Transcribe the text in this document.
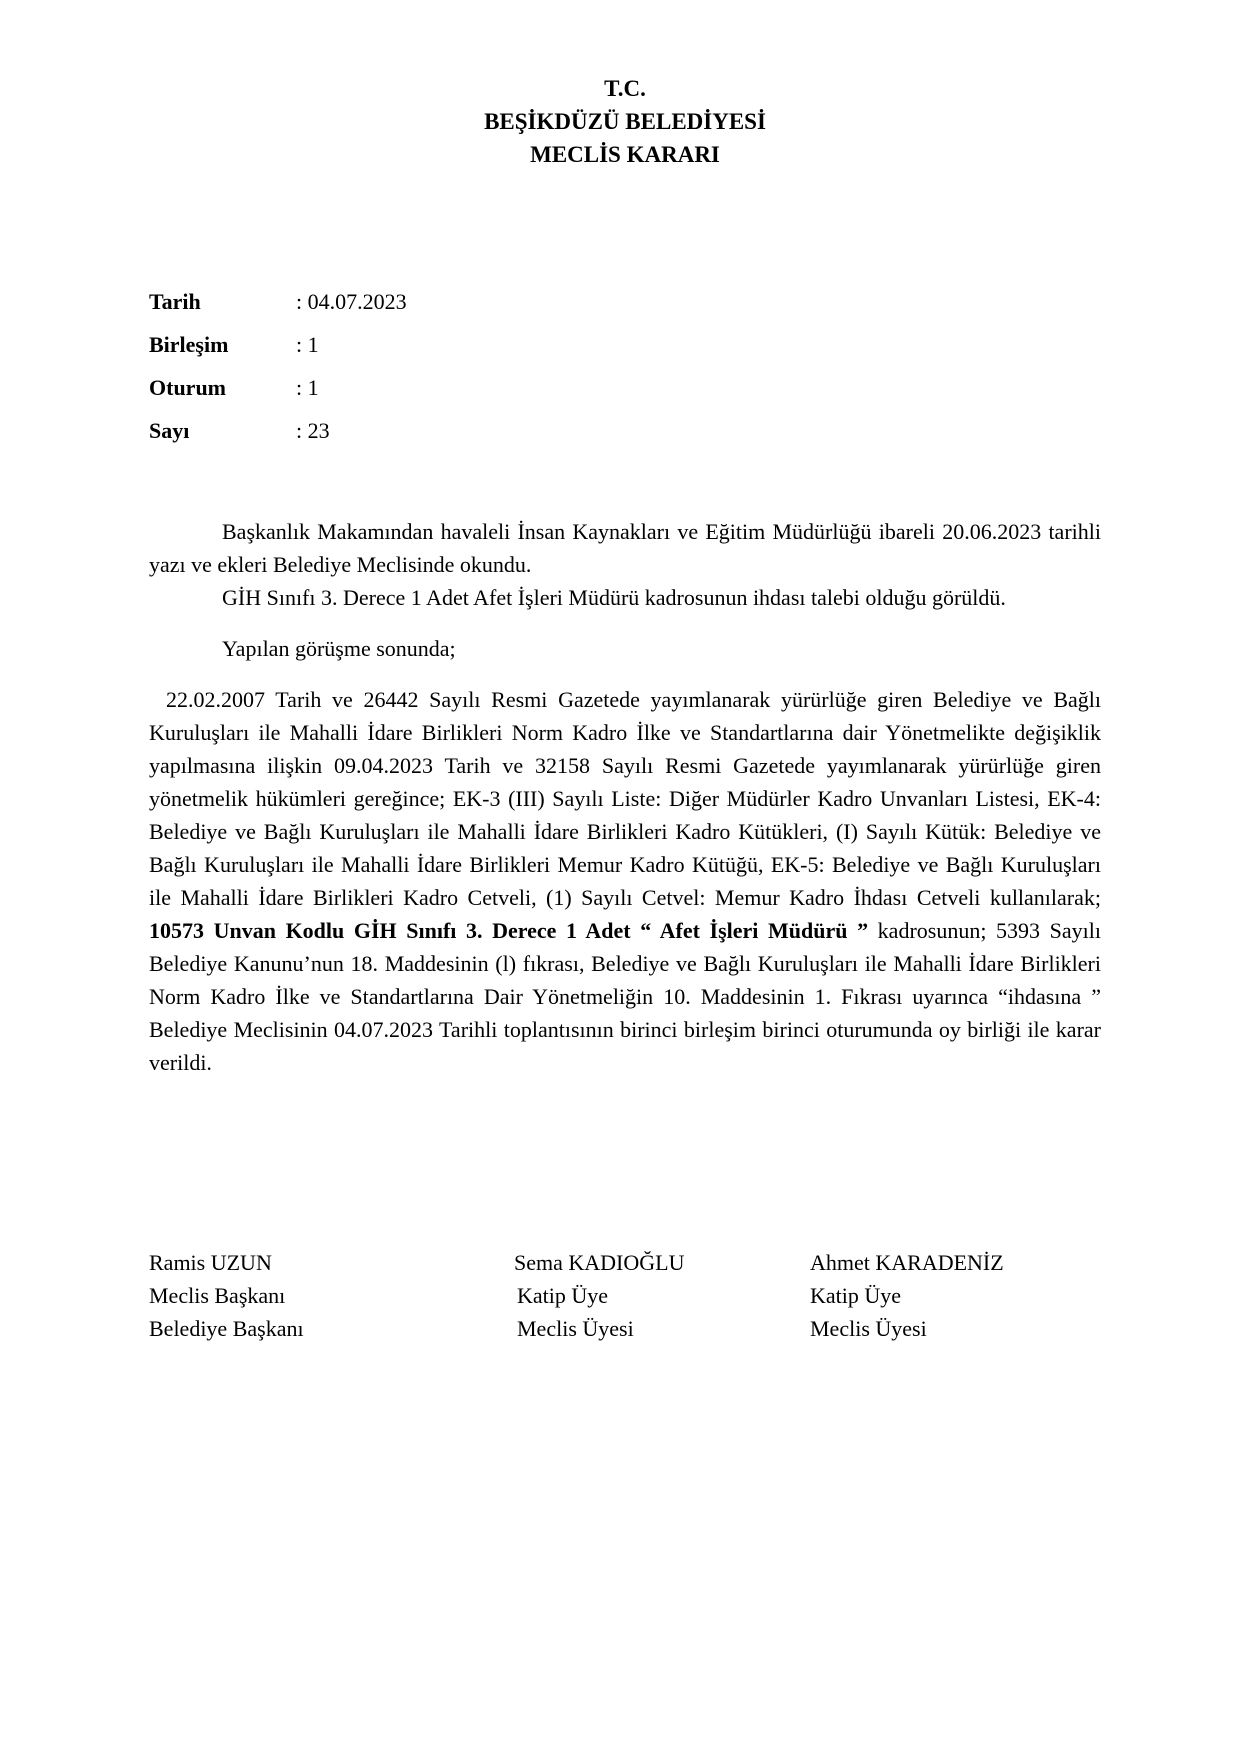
T.C.
BEŞİKDÜZÜ BELEDİYESİ
MECLİS KARARI
Tarih	: 04.07.2023
Birleşim	: 1
Oturum	: 1
Sayı	: 23

Başkanlık Makamından havaleli İnsan Kaynakları ve Eğitim Müdürlüğü ibareli 20.06.2023 tarihli yazı ve ekleri Belediye Meclisinde okundu.

GİH Sınıfı 3. Derece 1 Adet Afet İşleri Müdürü kadrosunun ihdası talebi olduğu görüldü.

Yapılan görüşme sonunda;

22.02.2007 Tarih ve 26442 Sayılı Resmi Gazetede yayımlanarak yürürlüğe giren Belediye ve Bağlı Kuruluşları ile Mahalli İdare Birlikleri Norm Kadro İlke ve Standartlarına dair Yönetmelikte değişiklik yapılmasına ilişkin 09.04.2023 Tarih ve 32158 Sayılı Resmi Gazetede yayımlanarak yürürlüğe giren yönetmelik hükümleri gereğince; EK-3 (III) Sayılı Liste: Diğer Müdürler Kadro Unvanları Listesi, EK-4: Belediye ve Bağlı Kuruluşları ile Mahalli İdare Birlikleri Kadro Kütükleri, (I) Sayılı Kütük: Belediye ve Bağlı Kuruluşları ile Mahalli İdare Birlikleri Memur Kadro Kütüğü, EK-5: Belediye ve Bağlı Kuruluşları ile Mahalli İdare Birlikleri Kadro Cetveli, (1) Sayılı Cetvel: Memur Kadro İhdası Cetveli kullanılarak; 10573 Unvan Kodlu GİH Sınıfı 3. Derece 1 Adet “ Afet İşleri Müdürü ” kadrosunun; 5393 Sayılı Belediye Kanunu’nun 18. Maddesinin (l) fıkrası, Belediye ve Bağlı Kuruluşları ile Mahalli İdare Birlikleri Norm Kadro İlke ve Standartlarına Dair Yönetmeliğin 10. Maddesinin 1. Fıkrası uyarınca “ihdasına ” Belediye Meclisinin 04.07.2023 Tarihli toplantısının birinci birleşim birinci oturumunda oy birliği ile karar verildi.

Ramis UZUN
Meclis Başkanı
Belediye Başkanı
Sema KADIOĞLU
Katip Üye
Meclis Üyesi
Ahmet KARADENİZ
Katip Üye
Meclis Üyesi
